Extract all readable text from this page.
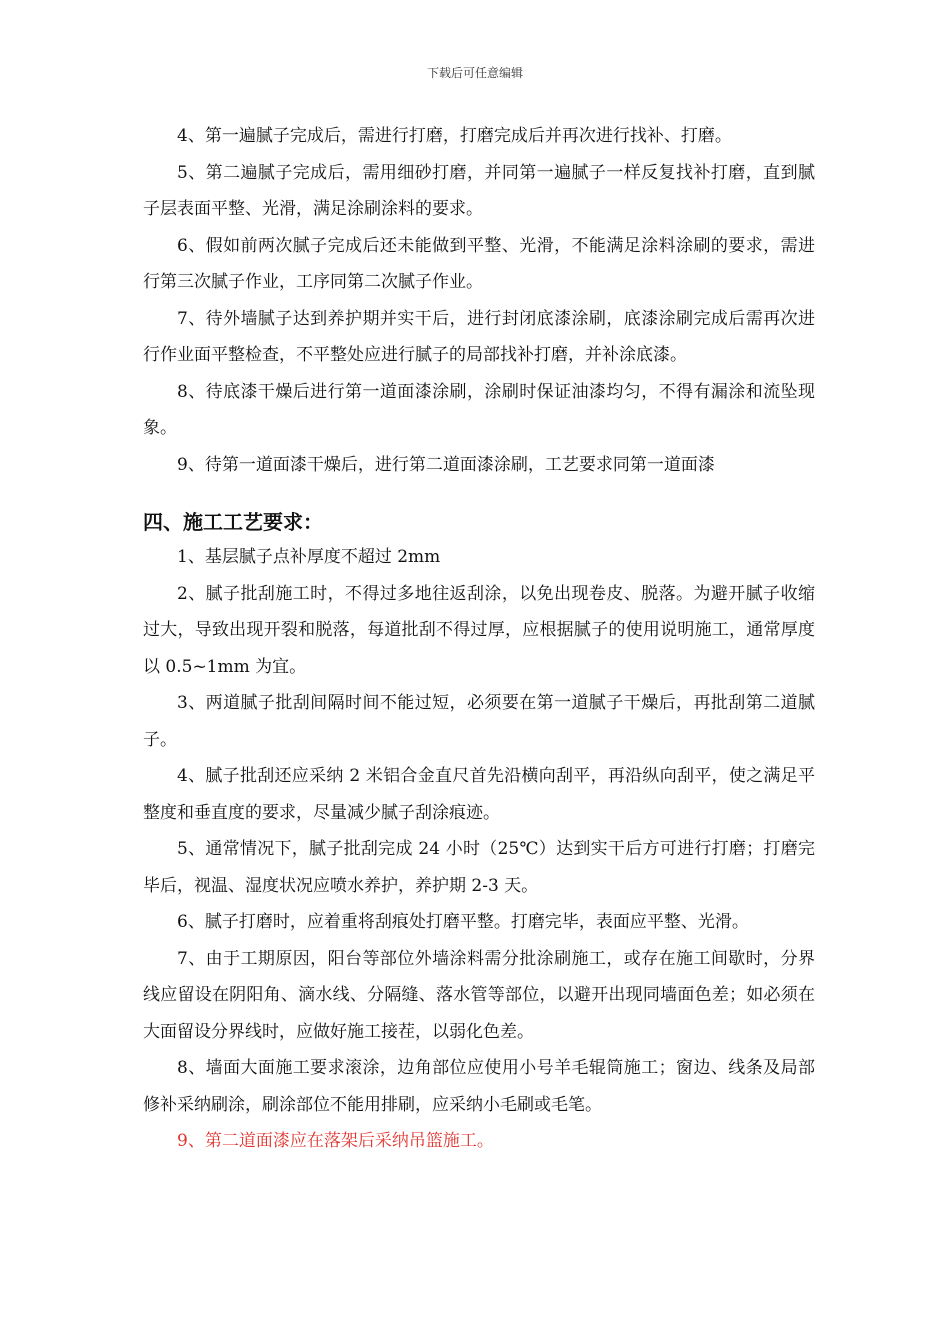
下载后可任意编辑

4、第一遍腻子完成后，需进行打磨，打磨完成后并再次进行找补、打磨。

5、第二遍腻子完成后，需用细砂打磨，并同第一遍腻子一样反复找补打磨，直到腻子层表面平整、光滑，满足涂刷涂料的要求。

6、假如前两次腻子完成后还未能做到平整、光滑，不能满足涂料涂刷的要求，需进行第三次腻子作业，工序同第二次腻子作业。

7、待外墙腻子达到养护期并实干后，进行封闭底漆涂刷，底漆涂刷完成后需再次进行作业面平整检查，不平整处应进行腻子的局部找补打磨，并补涂底漆。

8、待底漆干燥后进行第一道面漆涂刷，涂刷时保证油漆均匀，不得有漏涂和流坠现象。

9、待第一道面漆干燥后，进行第二道面漆涂刷，工艺要求同第一道面漆

四、施工工艺要求：

1、基层腻子点补厚度不超过 2mm

2、腻子批刮施工时，不得过多地往返刮涂，以免出现卷皮、脱落。为避开腻子收缩过大，导致出现开裂和脱落，每道批刮不得过厚，应根据腻子的使用说明施工，通常厚度以 0.5~1mm 为宜。

3、两道腻子批刮间隔时间不能过短，必须要在第一道腻子干燥后，再批刮第二道腻子。

4、腻子批刮还应采纳 2 米铝合金直尺首先沿横向刮平，再沿纵向刮平，使之满足平整度和垂直度的要求，尽量减少腻子刮涂痕迹。

5、通常情况下，腻子批刮完成 24 小时（25℃）达到实干后方可进行打磨；打磨完毕后，视温、湿度状况应喷水养护，养护期 2-3 天。

6、腻子打磨时，应着重将刮痕处打磨平整。打磨完毕，表面应平整、光滑。

7、由于工期原因，阳台等部位外墙涂料需分批涂刷施工，或存在施工间歇时，分界线应留设在阴阳角、滴水线、分隔缝、落水管等部位，以避开出现同墙面色差；如必须在大面留设分界线时，应做好施工接茬，以弱化色差。

8、墙面大面施工要求滚涂，边角部位应使用小号羊毛辊筒施工；窗边、线条及局部修补采纳刷涂，刷涂部位不能用排刷，应采纳小毛刷或毛笔。

9、第二道面漆应在落架后采纳吊篮施工。
